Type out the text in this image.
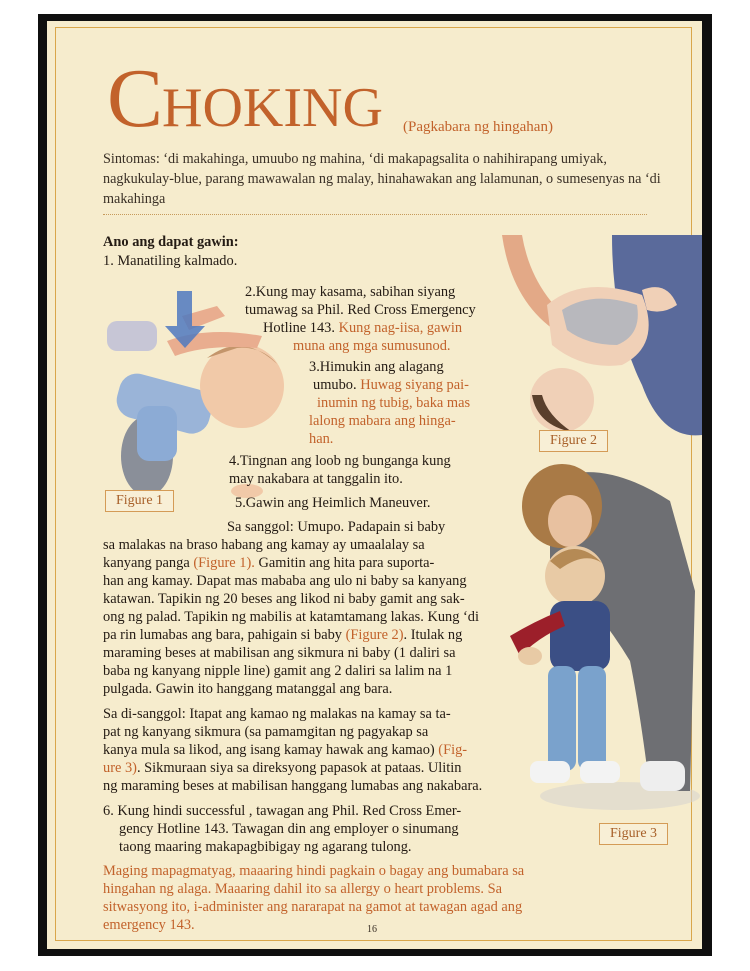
CHOKING (Pagkabara ng hingahan)
Sintomas: ‘di makahinga, umuubo ng mahina, ‘di makapagsalita o nahihirapang umiyak, nagkukulay-blue, parang mawawalan ng malay, hinahawakan ang lalamunan, o sumesenyas na ‘di makahinga
Ano ang dapat gawin:
Figure 1
Figure 2
Figure 3
1. Manatiling kalmado.
2.Kung may kasama, sabihan siyang
tumawag sa Phil. Red Cross Emergency
Hotline 143. Kung nag-iisa, gawin
muna ang mga sumusunod.
3.Himukin ang alagang
umubo. Huwag siyang pai-
inumin ng tubig, baka mas
lalong mabara ang hinga-
han.
4.Tingnan ang loob ng bunganga kung
may nakabara at tanggalin ito.
5.Gawin ang Heimlich Maneuver.
Sa sanggol: Umupo. Padapain si baby
sa malakas na braso habang ang kamay ay umaalalay sa
kanyang panga (Figure 1). Gamitin ang hita para suporta-
han ang kamay. Dapat mas mababa ang ulo ni baby sa kanyang
katawan. Tapikin ng 20 beses ang likod ni baby gamit ang sak-
ong ng palad. Tapikin ng mabilis at katamtamang lakas. Kung ‘di
pa rin lumabas ang bara, pahigain si baby (Figure 2). Itulak ng
maraming beses at mabilisan ang sikmura ni baby (1 daliri sa
baba ng kanyang nipple line) gamit ang 2 daliri sa lalim na 1
pulgada. Gawin ito hanggang matanggal ang bara.
Sa di-sanggol: Itapat ang kamao ng malakas na kamay sa ta-
pat ng kanyang sikmura (sa pamamgitan ng pagyakap sa
kanya mula sa likod, ang isang kamay hawak ang kamao) (Fig-
ure 3). Sikmuraan siya sa direksyong papasok at pataas. Ulitin
ng maraming beses at mabilisan hanggang lumabas ang nakabara.
6. Kung hindi successful , tawagan ang Phil. Red Cross Emer-
gency Hotline 143. Tawagan din ang employer o sinumang
taong maaring makapagbibigay ng agarang tulong.
Maging mapagmatyag, maaaring hindi pagkain o bagay ang bumabara sa
hingahan ng alaga. Maaaring dahil ito sa allergy o heart problems. Sa
sitwasyong ito, i-administer ang nararapat na gamot at tawagan agad ang
emergency 143.	16
